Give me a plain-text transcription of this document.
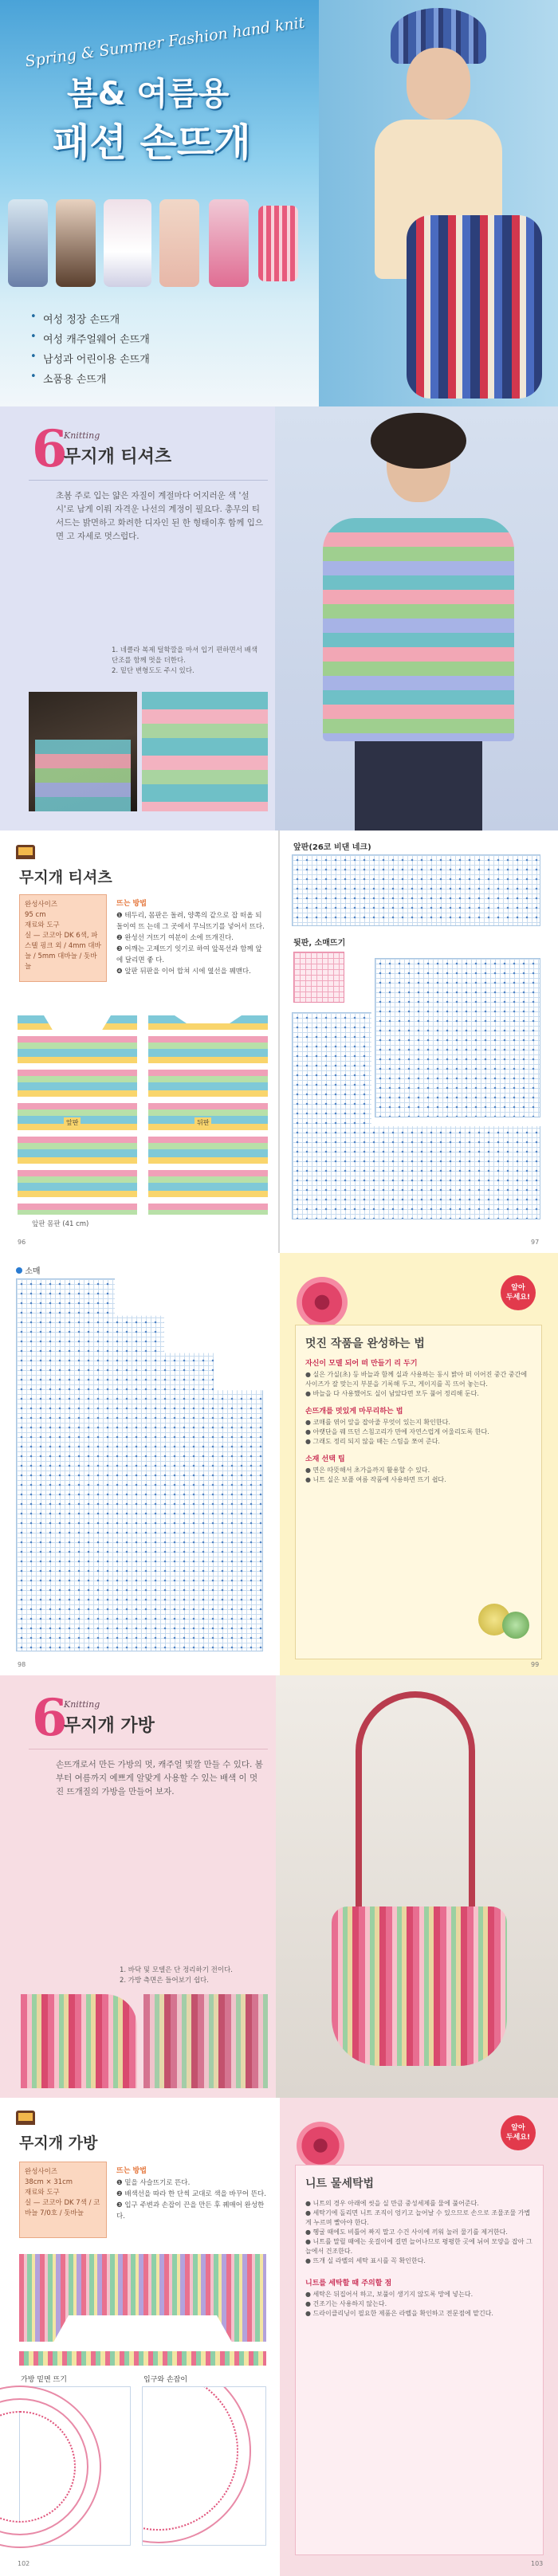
Spring & Summer Fashion hand knit
봄& 여름용
패션 손뜨개
• 여성 정장 손뜨개
• 여성 캐주얼웨어 손뜨개
• 남성과 어린이용 손뜨개
• 소품용 손뜨개
6
Knitting
무지개 티셔츠

초봄 주로 입는 얇은 자질이 계절마다 어지러운 색 '설시'로 남게 이뤄 자격운 나선의 계정이 필요다. 총무의 티서드는 밝면하고 화려한 디자인 된 한 형태이후 함께 입으면 고 자세로 멋스럽다.

1. 네클라 복제 털학깔을 마셔 입기 편하면서 배색 단조를 함께 멋을 더한다.
2. 밑단 변형도도 주시 있다.

무지개 티셔츠
완성사이즈
95 cm
재료와 도구
실 — 코코아 DK 6색, 파스텔 핑크 외 / 4mm 대바늘 / 5mm 대바늘 / 돗바늘
뜨는 방법

❶ 테두리, 몸판은 돌려, 양쪽의 같으로 잡 떠올 되돌이여 뜨 는데 그 곳에서 무늬뜨기를 넣어서 뜨다.

❷ 완성선 겨뜨기 여분이 소에 뜨개진다.

❸ 어깨는 고제뜨기 잇기로 하여 앞목선과 함께 앞에 달리면 좋 다.

❹ 앞판 뒤판을 이어 합쳐 시에 옆선을 꿰맨다.

앞판	뒤판
앞판 몸판 (41 cm)
96
앞판(26코 비댄 네크)
뒷판, 소매뜨기
97
소매
98
알아
두세요!
멋진 작품을 완성하는 법
자신이 모델 되어 떠 만들기 리 두기

● 실은 가실(초) 등 바늘과 함께 실과 사용하는 동시 밝아 떠 이어진 중간 중간에 사이즈가 잘 맞는지 부분을 기록해 두고, 게이지를 꼭 뜨어 놓는다.
● 바늘을 다 사용했어도 실이 남았다면 모두 풀어 정리해 둔다.

손뜨개를 멋있게 마무리하는 법

● 코매를 엮어 앞을 잡아줄 무엇이 있는지 확인한다.
● 아랫단을 꿰 뜨던 스침고리가 만에 자연스럽게 어울리도록 한다.
● 그래도 정리 되지 않을 때는 스팀을 쪼여 준다.

소재 선택 팁

● 면은 따뜻해서 초가을까지 활용할 수 있다.
● 니트 실은 보플 여름 작품에 사용하면 뜨기 쉽다.

99
6
Knitting
무지개 가방

손뜨개로서 만든 가방의 멋, 캐주얼 빛깔 만들 수 있다. 봄 부터 여름까지 예쁘게 알맞게 사용할 수 있는 배색 이 멋진 뜨개질의 가방을 만들어 보자.

1. 바닥 및 모델은 단 정리하기 전이다.
2. 가방 측면은 들어보기 쉽다.

무지개 가방
완성사이즈
38cm × 31cm
재료와 도구
실 — 코코아 DK 7색 / 코바늘 7/0호 / 돗바늘
뜨는 방법

❶ 밑을 사슬뜨기로 뜬다.

❷ 배색선을 따라 한 단씩 교대로 색을 바꾸어 뜬다.

❸ 입구 주변과 손잡이 끈을 만든 후 꿰매어 완성한다.

가방 밑면 뜨기	입구와 손잡이
102
알아
두세요!
니트 물세탁법

● 니트의 경우 아래에 씻을 실 만큼 중성세제를 물에 풀어준다.
● 세탁기에 돌리면 니트 조직이 엉키고 늘어날 수 있으므로 손으로 조물조물 가볍게 누르며 빨아야 한다.
● 헹굴 때에도 비틀어 짜지 말고 수건 사이에 끼워 눌러 물기를 제거한다.
● 니트를 말릴 때에는 옷걸이에 걸면 늘어나므로 평평한 곳에 뉘여 모양을 잡아 그늘에서 건조한다.
● 뜨개 실 라벨의 세탁 표시를 꼭 확인한다.

니트를 세탁할 때 주의할 점

● 세탁은 뒤집어서 하고, 보풀이 생기지 않도록 망에 넣는다.
● 건조기는 사용하지 않는다.
● 드라이클리닝이 필요한 제품은 라벨을 확인하고 전문점에 맡긴다.

103
